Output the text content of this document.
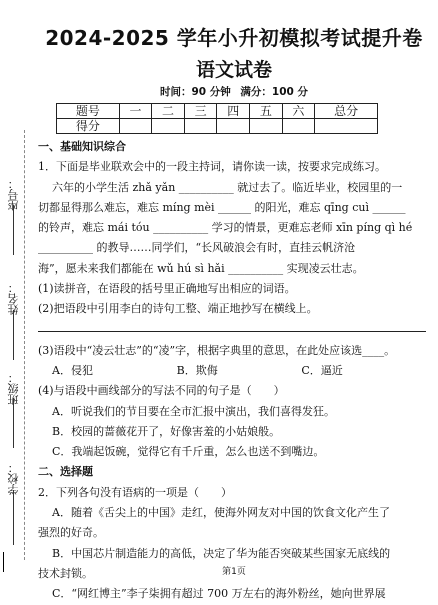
座号：
姓名：
班级：
学校：
2024-2025 学年小升初模拟考试提升卷
语文试卷
时间：90 分钟 满分：100 分
题号	一	二	三	四	五	六	总分
得分							
一、基础知识综合
1．下面是毕业联欢会中的一段主持词，请你读一读，按要求完成练习。
六年的小学生活 zhǎ yǎn __________ 就过去了。临近毕业，校园里的一
切都显得那么难忘，难忘 míng mèi ______ 的阳光，难忘 qīng cuì ______
的铃声，难忘 mái tóu __________ 学习的情景，更难忘老师 xīn píng qì hé
__________ 的教导……同学们，“长风破浪会有时，直挂云帆济沧
海”，愿未来我们都能在 wǔ hú sì hǎi __________ 实现凌云壮志。
(1)读拼音，在语段的括号里正确地写出相应的词语。
(2)把语段中引用李白的诗句工整、端正地抄写在横线上。
(3)语段中“凌云壮志”的“凌”字，根据字典里的意思，在此处应该选____。
A．侵犯	B．欺侮	C．逼近
(4)与语段中画线部分的写法不同的句子是（　　）
A．听说我们的节目要在全市汇报中演出，我们喜得发狂。
B．校园的蔷薇花开了，好像害羞的小姑娘般。
C．我端起饭碗，觉得它有千斤重，怎么也送不到嘴边。
二、选择题
2．下列各句没有语病的一项是（　　）
A．随着《舌尖上的中国》走红，使海外网友对中国的饮食文化产生了
强烈的好奇。
B．中国芯片制造能力的高低，决定了华为能否突破某些国家无底线的
技术封锁。
C．“网红博主”李子柒拥有超过 700 万左右的海外粉丝，她向世界展
第1页
